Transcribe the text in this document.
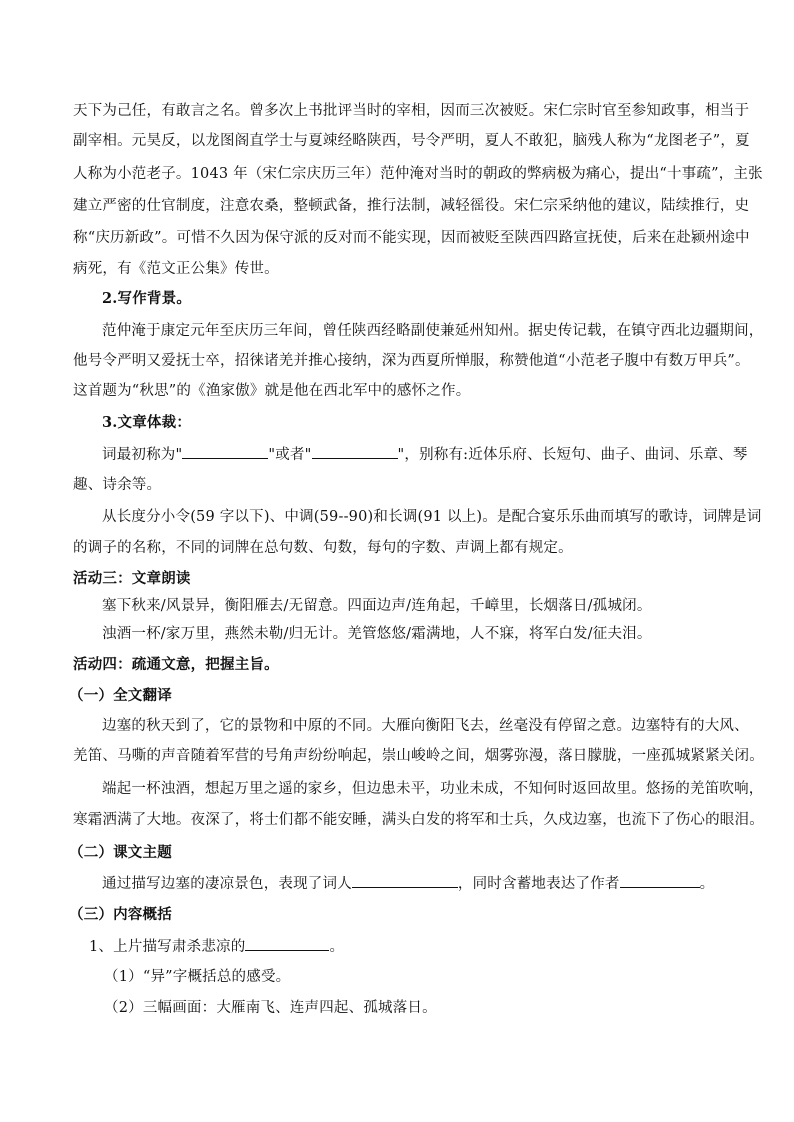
天下为己任，有敢言之名。曾多次上书批评当时的宰相，因而三次被贬。宋仁宗时官至参知政事，相当于
副宰相。元昊反，以龙图阁直学士与夏竦经略陕西，号令严明，夏人不敢犯，脑残人称为“龙图老子”，夏
人称为小范老子。1043 年（宋仁宗庆历三年）范仲淹对当时的朝政的弊病极为痛心，提出“十事疏”，主张
建立严密的仕官制度，注意农桑，整顿武备，推行法制，减轻徭役。宋仁宗采纳他的建议，陆续推行，史
称“庆历新政”。可惜不久因为保守派的反对而不能实现，因而被贬至陕西四路宣抚使，后来在赴颍州途中
病死，有《范文正公集》传世。
2.写作背景。
范仲淹于康定元年至庆历三年间，曾任陕西经略副使兼延州知州。据史传记载，在镇守西北边疆期间，
他号令严明又爱抚士卒，招徕诸羌并推心接纳，深为西夏所惮服，称赞他道“小范老子腹中有数万甲兵”。
这首题为“秋思”的《渔家傲》就是他在西北军中的感怀之作。
3.文章体裁：
词最初称为"	"或者"	"，别称有:近体乐府、长短句、曲子、曲词、乐章、琴
趣、诗余等。
从长度分小令(59 字以下)、中调(59--90)和长调(91 以上)。是配合宴乐乐曲而填写的歌诗，词牌是词
的调子的名称，不同的词牌在总句数、句数，每句的字数、声调上都有规定。
活动三：文章朗读
塞下秋来/风景异，衡阳雁去/无留意。四面边声/连角起，千嶂里，长烟落日/孤城闭。
浊酒一杯/家万里，燕然未勒/归无计。羌管悠悠/霜满地，人不寐，将军白发/征夫泪。
活动四：疏通文意，把握主旨。
（一）全文翻译
边塞的秋天到了，它的景物和中原的不同。大雁向衡阳飞去，丝毫没有停留之意。边塞特有的大风、
羌笛、马嘶的声音随着军营的号角声纷纷响起，崇山峻岭之间，烟雾弥漫，落日朦胧，一座孤城紧紧关闭。
端起一杯浊酒，想起万里之遥的家乡，但边患未平，功业未成，不知何时返回故里。悠扬的羌笛吹响，
寒霜洒满了大地。夜深了，将士们都不能安睡，满头白发的将军和士兵，久戍边塞，也流下了伤心的眼泪。
（二）课文主题
通过描写边塞的凄凉景色，表现了词人	，同时含蓄地表达了作者	。
（三）内容概括
1、上片描写肃杀悲凉的	。
（1）“异”字概括总的感受。
（2）三幅画面：大雁南飞、连声四起、孤城落日。
